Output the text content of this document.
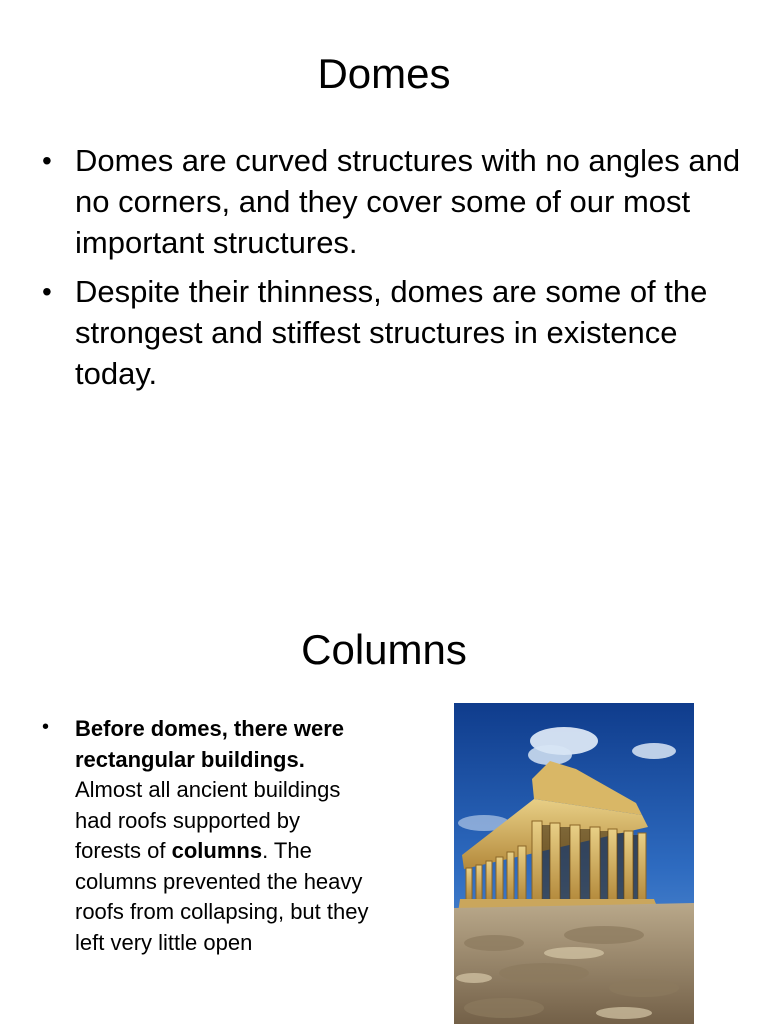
Domes
• Domes are curved structures with no angles and no corners, and they cover some of our most important structures.
• Despite their thinness, domes are some of the strongest and stiffest structures in existence today.
Columns
• Before domes, there were rectangular buildings.
Almost all ancient buildings had roofs supported by forests of columns. The columns prevented the heavy roofs from collapsing, but they left very little open
